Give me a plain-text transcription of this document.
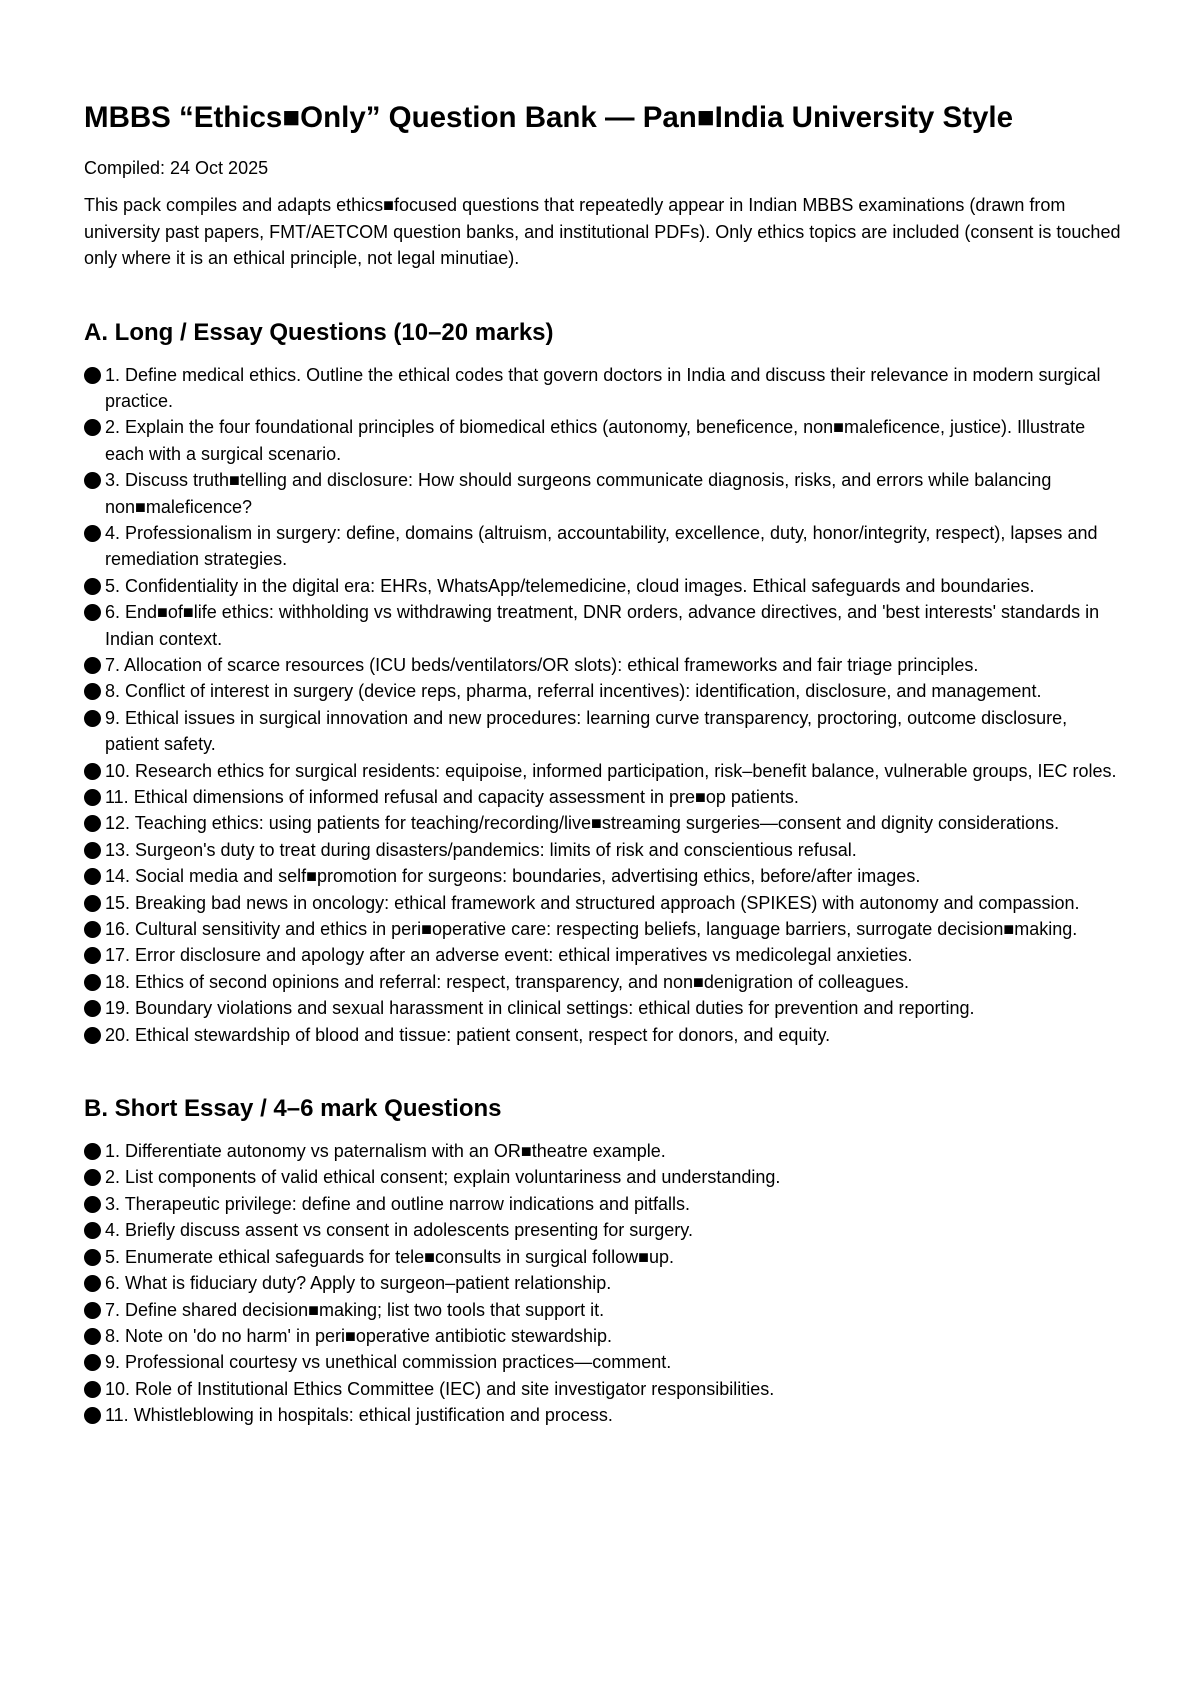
MBBS “Ethics■Only” Question Bank — Pan■India University Style
Compiled: 24 Oct 2025
This pack compiles and adapts ethics■focused questions that repeatedly appear in Indian MBBS examinations (drawn from university past papers, FMT/AETCOM question banks, and institutional PDFs). Only ethics topics are included (consent is touched only where it is an ethical principle, not legal minutiae).
A. Long / Essay Questions (10–20 marks)
1. Define medical ethics. Outline the ethical codes that govern doctors in India and discuss their relevance in modern surgical practice.
2. Explain the four foundational principles of biomedical ethics (autonomy, beneficence, non■maleficence, justice). Illustrate each with a surgical scenario.
3. Discuss truth■telling and disclosure: How should surgeons communicate diagnosis, risks, and errors while balancing non■maleficence?
4. Professionalism in surgery: define, domains (altruism, accountability, excellence, duty, honor/integrity, respect), lapses and remediation strategies.
5. Confidentiality in the digital era: EHRs, WhatsApp/telemedicine, cloud images. Ethical safeguards and boundaries.
6. End■of■life ethics: withholding vs withdrawing treatment, DNR orders, advance directives, and 'best interests' standards in Indian context.
7. Allocation of scarce resources (ICU beds/ventilators/OR slots): ethical frameworks and fair triage principles.
8. Conflict of interest in surgery (device reps, pharma, referral incentives): identification, disclosure, and management.
9. Ethical issues in surgical innovation and new procedures: learning curve transparency, proctoring, outcome disclosure, patient safety.
10. Research ethics for surgical residents: equipoise, informed participation, risk–benefit balance, vulnerable groups, IEC roles.
11. Ethical dimensions of informed refusal and capacity assessment in pre■op patients.
12. Teaching ethics: using patients for teaching/recording/live■streaming surgeries—consent and dignity considerations.
13. Surgeon's duty to treat during disasters/pandemics: limits of risk and conscientious refusal.
14. Social media and self■promotion for surgeons: boundaries, advertising ethics, before/after images.
15. Breaking bad news in oncology: ethical framework and structured approach (SPIKES) with autonomy and compassion.
16. Cultural sensitivity and ethics in peri■operative care: respecting beliefs, language barriers, surrogate decision■making.
17. Error disclosure and apology after an adverse event: ethical imperatives vs medicolegal anxieties.
18. Ethics of second opinions and referral: respect, transparency, and non■denigration of colleagues.
19. Boundary violations and sexual harassment in clinical settings: ethical duties for prevention and reporting.
20. Ethical stewardship of blood and tissue: patient consent, respect for donors, and equity.
B. Short Essay / 4–6 mark Questions
1. Differentiate autonomy vs paternalism with an OR■theatre example.
2. List components of valid ethical consent; explain voluntariness and understanding.
3. Therapeutic privilege: define and outline narrow indications and pitfalls.
4. Briefly discuss assent vs consent in adolescents presenting for surgery.
5. Enumerate ethical safeguards for tele■consults in surgical follow■up.
6. What is fiduciary duty? Apply to surgeon–patient relationship.
7. Define shared decision■making; list two tools that support it.
8. Note on 'do no harm' in peri■operative antibiotic stewardship.
9. Professional courtesy vs unethical commission practices—comment.
10. Role of Institutional Ethics Committee (IEC) and site investigator responsibilities.
11. Whistleblowing in hospitals: ethical justification and process.
